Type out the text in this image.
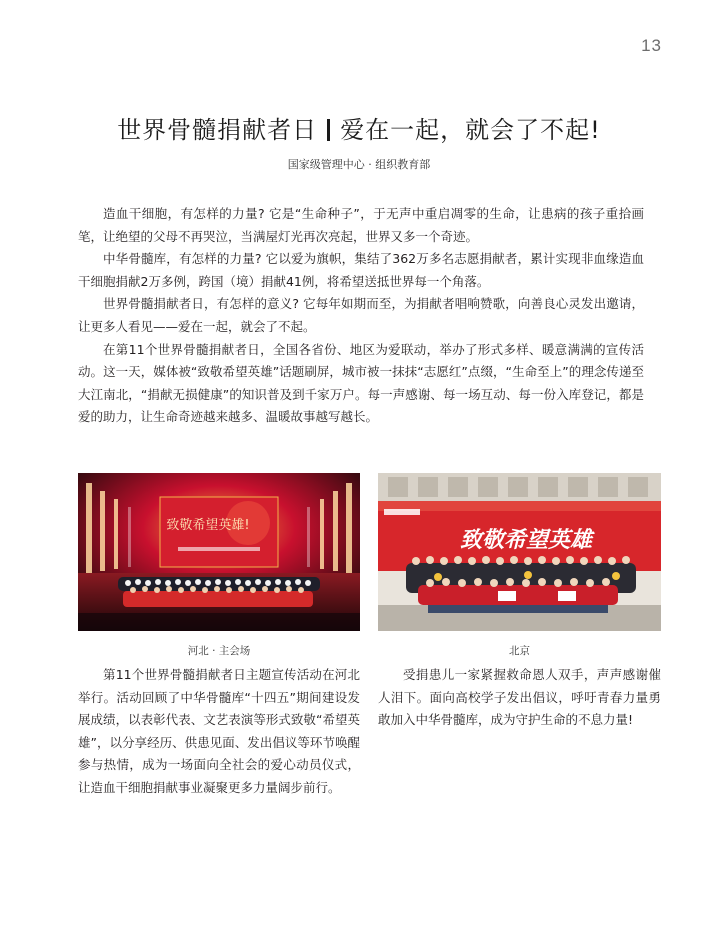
13
世界骨髓捐献者日 爱在一起，就会了不起!
国家级管理中心 · 组织教育部

造血干细胞，有怎样的力量? 它是“生命种子”，于无声中重启凋零的生命，让患病的孩子重拾画笔，让绝望的父母不再哭泣，当满屋灯光再次亮起，世界又多一个奇迹。

中华骨髓库，有怎样的力量? 它以爱为旗帜，集结了362万多名志愿捐献者，累计实现非血缘造血干细胞捐献2万多例，跨国（境）捐献41例，将希望送抵世界每一个角落。

世界骨髓捐献者日，有怎样的意义? 它每年如期而至，为捐献者唱响赞歌，向善良心灵发出邀请，让更多人看见——爱在一起，就会了不起。

在第11个世界骨髓捐献者日，全国各省份、地区为爱联动，举办了形式多样、暖意满满的宣传活动。这一天，媒体被“致敬希望英雄”话题刷屏，城市被一抹抹“志愿红”点缀，“生命至上”的理念传递至大江南北，“捐献无损健康”的知识普及到千家万户。每一声感谢、每一场互动、每一份入库登记，都是爱的助力，让生命奇迹越来越多、温暖故事越写越长。

致敬希望英雄!
致敬希望英雄
河北 · 主会场	北京

第11个世界骨髓捐献者日主题宣传活动在河北举行。活动回顾了中华骨髓库“十四五”期间建设发展成绩，以表彰代表、文艺表演等形式致敬“希望英雄”，以分享经历、供患见面、发出倡议等环节唤醒参与热情，成为一场面向全社会的爱心动员仪式，让造血干细胞捐献事业凝聚更多力量阔步前行。

受捐患儿一家紧握救命恩人双手，声声感谢催人泪下。面向高校学子发出倡议，呼吁青春力量勇敢加入中华骨髓库，成为守护生命的不息力量!
